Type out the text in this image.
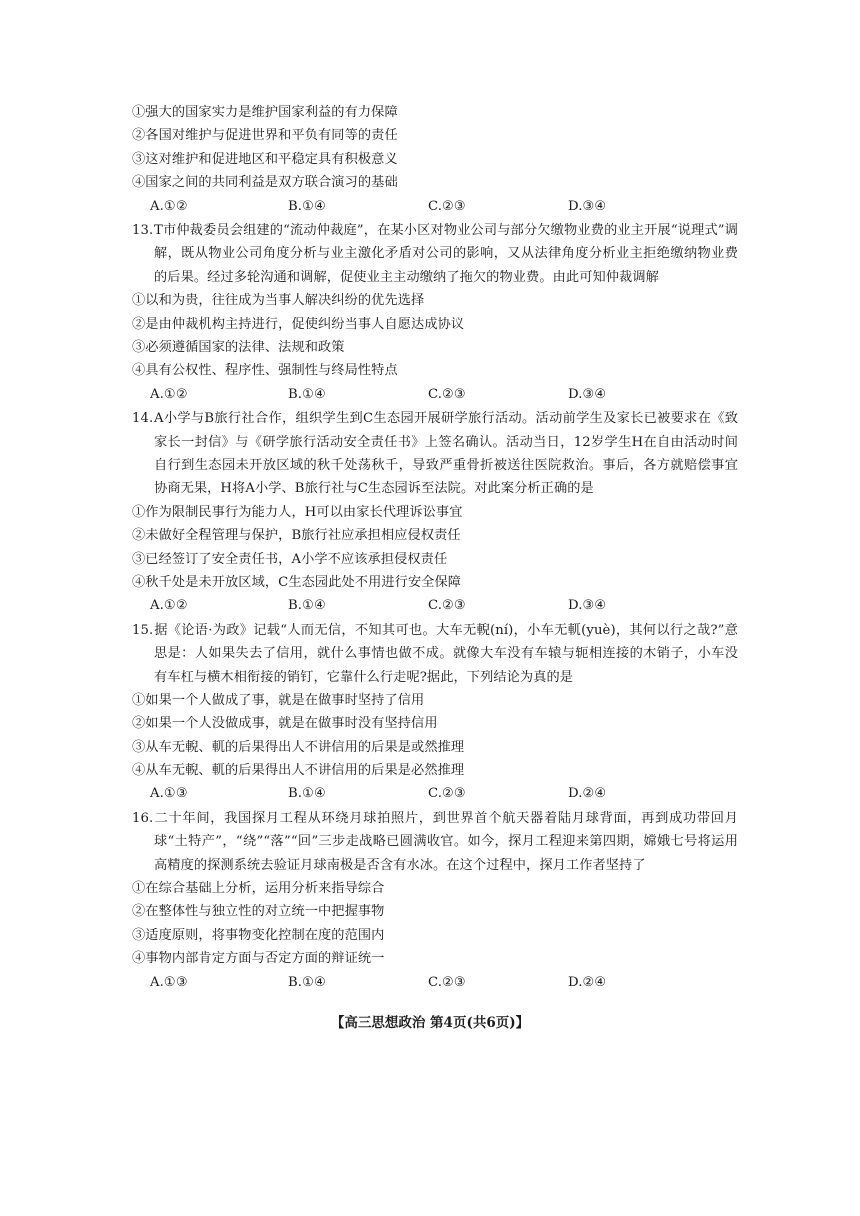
①强大的国家实力是维护国家利益的有力保障
②各国对维护与促进世界和平负有同等的责任
③这对维护和促进地区和平稳定具有积极意义
④国家之间的共同利益是双方联合演习的基础
A.①②	B.①④	C.②③	D.③④
13.T市仲裁委员会组建的“流动仲裁庭”，在某小区对物业公司与部分欠缴物业费的业主开展“说理式”调解，既从物业公司角度分析与业主激化矛盾对公司的影响，又从法律角度分析业主拒绝缴纳物业费的后果。经过多轮沟通和调解，促使业主主动缴纳了拖欠的物业费。由此可知仲裁调解
①以和为贵，往往成为当事人解决纠纷的优先选择
②是由仲裁机构主持进行，促使纠纷当事人自愿达成协议
③必须遵循国家的法律、法规和政策
④具有公权性、程序性、强制性与终局性特点
A.①②	B.①④	C.②③	D.③④
14.A小学与B旅行社合作，组织学生到C生态园开展研学旅行活动。活动前学生及家长已被要求在《致家长一封信》与《研学旅行活动安全责任书》上签名确认。活动当日，12岁学生H在自由活动时间自行到生态园未开放区域的秋千处荡秋千，导致严重骨折被送往医院救治。事后，各方就赔偿事宜协商无果，H将A小学、B旅行社与C生态园诉至法院。对此案分析正确的是
①作为限制民事行为能力人，H可以由家长代理诉讼事宜
②未做好全程管理与保护，B旅行社应承担相应侵权责任
③已经签订了安全责任书，A小学不应该承担侵权责任
④秋千处是未开放区域，C生态园此处不用进行安全保障
A.①②	B.①④	C.②③	D.③④
15.据《论语·为政》记载“人而无信，不知其可也。大车无輗(ní)，小车无軏(yuè)，其何以行之哉?”意思是：人如果失去了信用，就什么事情也做不成。就像大车没有车辕与轭相连接的木销子，小车没有车杠与横木相衔接的销钉，它靠什么行走呢?据此，下列结论为真的是
①如果一个人做成了事，就是在做事时坚持了信用
②如果一个人没做成事，就是在做事时没有坚持信用
③从车无輗、軏的后果得出人不讲信用的后果是或然推理
④从车无輗、軏的后果得出人不讲信用的后果是必然推理
A.①③	B.①④	C.②③	D.②④
16.二十年间，我国探月工程从环绕月球拍照片，到世界首个航天器着陆月球背面，再到成功带回月球“土特产”，“绕”“落”“回”三步走战略已圆满收官。如今，探月工程迎来第四期，嫦娥七号将运用高精度的探测系统去验证月球南极是否含有水冰。在这个过程中，探月工作者坚持了
①在综合基础上分析，运用分析来指导综合
②在整体性与独立性的对立统一中把握事物
③适度原则，将事物变化控制在度的范围内
④事物内部肯定方面与否定方面的辩证统一
A.①③	B.①④	C.②③	D.②④
【高三思想政治 第4页(共6页)】
